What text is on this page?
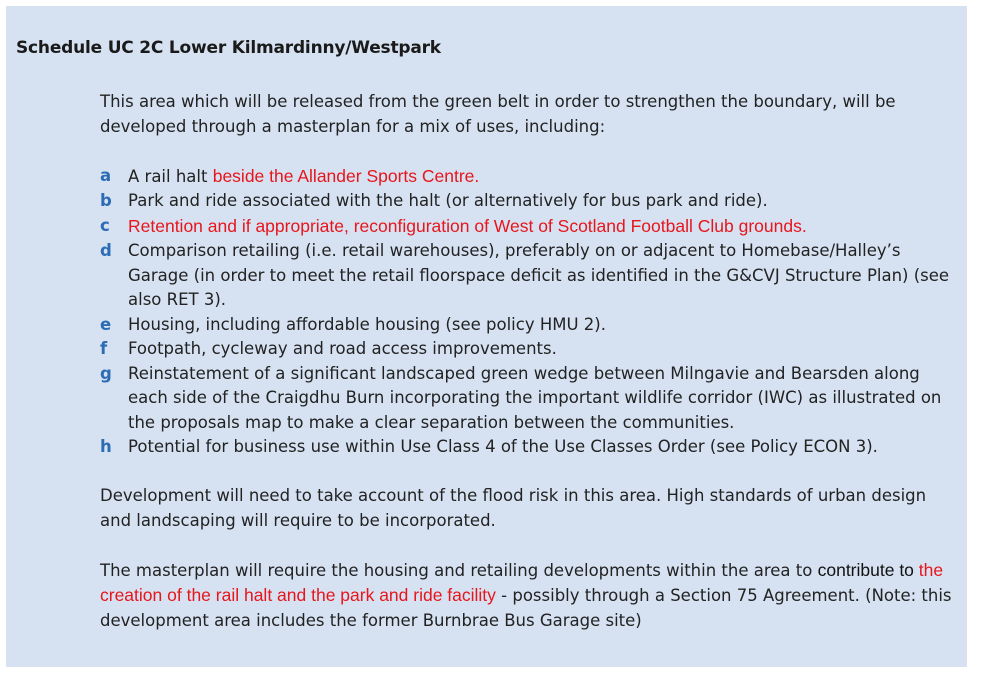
Schedule UC 2C Lower Kilmardinny/Westpark

This area which will be released from the green belt in order to strengthen the boundary, will be developed through a masterplan for a mix of uses, including:

a	A rail halt beside the Allander Sports Centre.
b Park and ride associated with the halt (or alternatively for bus park and ride).
c	Retention and if appropriate, reconfiguration of West of Scotland Football Club grounds.
d Comparison retailing (i.e. retail warehouses), preferably on or adjacent to Homebase/Halley’s Garage (in order to meet the retail floorspace deficit as identified in the G&CVJ Structure Plan) (see also RET 3).
e	Housing, including affordable housing (see policy HMU 2).
f	Footpath, cycleway and road access improvements.
g Reinstatement of a significant landscaped green wedge between Milngavie and Bearsden along each side of the Craigdhu Burn incorporating the important wildlife corridor (IWC) as illustrated on the proposals map to make a clear separation between the communities.
h Potential for business use within Use Class 4 of the Use Classes Order (see Policy ECON 3).

Development will need to take account of the flood risk in this area. High standards of urban design and landscaping will require to be incorporated.

The masterplan will require the housing and retailing developments within the area to contribute to the creation of the rail halt and the park and ride facility - possibly through a Section 75 Agreement. (Note: this development area includes the former Burnbrae Bus Garage site)
